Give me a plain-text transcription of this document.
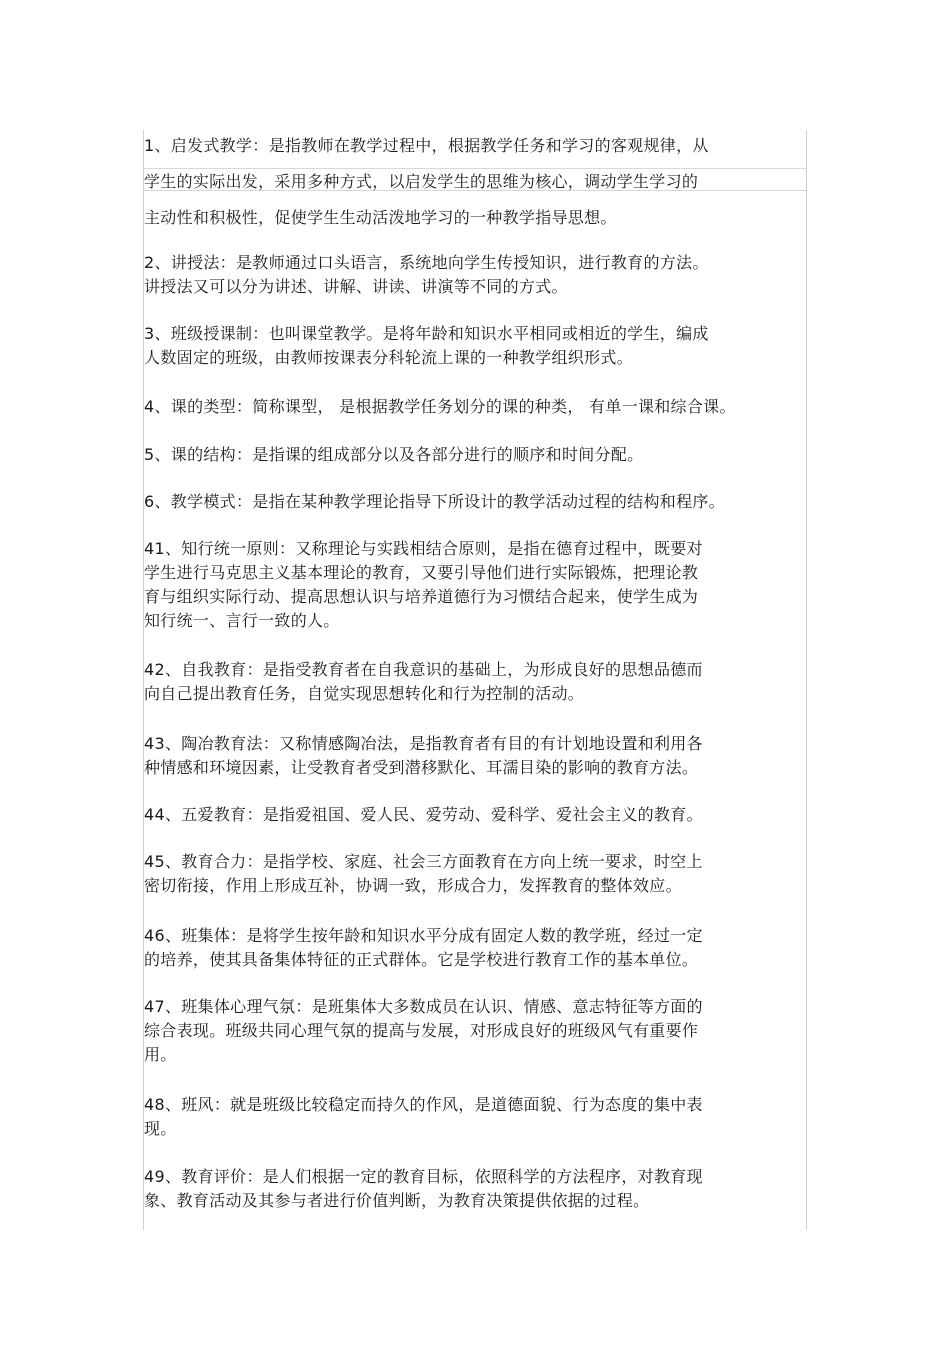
1、启发式教学：是指教师在教学过程中，根据教学任务和学习的客观规律，从
学生的实际出发，采用多种方式，以启发学生的思维为核心，调动学生学习的
主动性和积极性，促使学生生动活泼地学习的一种教学指导思想。
2、讲授法：是教师通过口头语言，系统地向学生传授知识，进行教育的方法。
讲授法又可以分为讲述、讲解、讲读、讲演等不同的方式。
3、班级授课制：也叫课堂教学。是将年龄和知识水平相同或相近的学生，编成
人数固定的班级，由教师按课表分科轮流上课的一种教学组织形式。
4、课的类型：简称课型， 是根据教学任务划分的课的种类， 有单一课和综合课。
5、课的结构：是指课的组成部分以及各部分进行的顺序和时间分配。
6、教学模式：是指在某种教学理论指导下所设计的教学活动过程的结构和程序。
41、知行统一原则：又称理论与实践相结合原则，是指在德育过程中，既要对
学生进行马克思主义基本理论的教育，又要引导他们进行实际锻炼，把理论教
育与组织实际行动、提高思想认识与培养道德行为习惯结合起来，使学生成为
知行统一、言行一致的人。
42、自我教育：是指受教育者在自我意识的基础上，为形成良好的思想品德而
向自己提出教育任务，自觉实现思想转化和行为控制的活动。
43、陶冶教育法：又称情感陶冶法，是指教育者有目的有计划地设置和利用各
种情感和环境因素，让受教育者受到潜移默化、耳濡目染的影响的教育方法。
44、五爱教育：是指爱祖国、爱人民、爱劳动、爱科学、爱社会主义的教育。
45、教育合力：是指学校、家庭、社会三方面教育在方向上统一要求，时空上
密切衔接，作用上形成互补，协调一致，形成合力，发挥教育的整体效应。
46、班集体：是将学生按年龄和知识水平分成有固定人数的教学班，经过一定
的培养，使其具备集体特征的正式群体。它是学校进行教育工作的基本单位。
47、班集体心理气氛：是班集体大多数成员在认识、情感、意志特征等方面的
综合表现。班级共同心理气氛的提高与发展，对形成良好的班级风气有重要作
用。
48、班风：就是班级比较稳定而持久的作风，是道德面貌、行为态度的集中表
现。
49、教育评价：是人们根据一定的教育目标，依照科学的方法程序，对教育现
象、教育活动及其参与者进行价值判断，为教育决策提供依据的过程。
